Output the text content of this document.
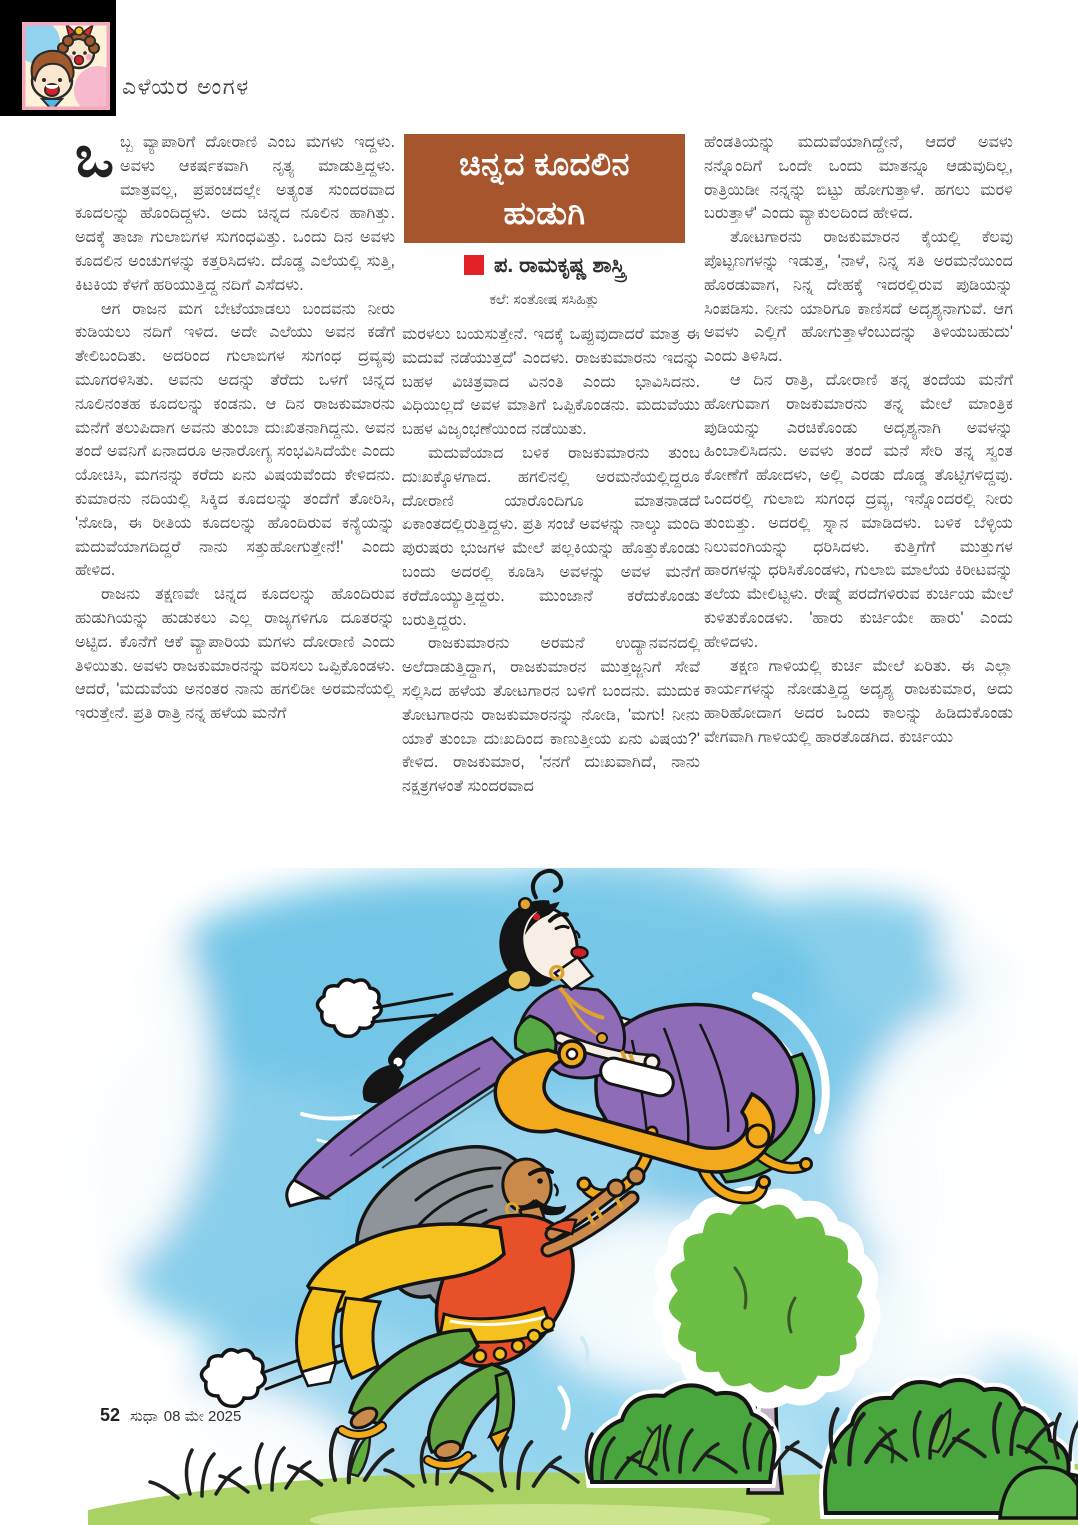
ಎಳೆಯರ ಅಂಗಳ

ಒಬ್ಬ ವ್ಯಾಪಾರಿಗೆ ದೋರಾಣಿ ಎಂಬ ಮಗಳು ಇದ್ದಳು. ಅವಳು ಆಕರ್ಷಕವಾಗಿ ನೃತ್ಯ ಮಾಡುತ್ತಿದ್ದಳು. ಮಾತ್ರವಲ್ಲ, ಪ್ರಪಂಚದಲ್ಲೇ ಅತ್ಯಂತ ಸುಂದರವಾದ ಕೂದಲನ್ನು ಹೊಂದಿದ್ದಳು. ಅದು ಚಿನ್ನದ ನೂಲಿನ ಹಾಗಿತ್ತು. ಅದಕ್ಕೆ ತಾಜಾ ಗುಲಾಬಿಗಳ ಸುಗಂಧವಿತ್ತು. ಒಂದು ದಿನ ಅವಳು ಕೂದಲಿನ ಅಂಚುಗಳನ್ನು ಕತ್ತರಿಸಿದಳು. ದೊಡ್ಡ ಎಲೆಯಲ್ಲಿ ಸುತ್ತಿ, ಕಿಟಕಿಯ ಕೆಳಗೆ ಹರಿಯುತ್ತಿದ್ದ ನದಿಗೆ ಎಸೆದಳು.

ಆಗ ರಾಜನ ಮಗ ಬೇಟೆಯಾಡಲು ಬಂದವನು ನೀರು ಕುಡಿಯಲು ನದಿಗೆ ಇಳಿದ. ಅದೇ ಎಲೆಯು ಅವನ ಕಡೆಗೆ ತೇಲಿಬಂದಿತು. ಅದರಿಂದ ಗುಲಾಬಿಗಳ ಸುಗಂಧ ದ್ರವ್ಯವು ಮೂಗರಳಿಸಿತು. ಅವನು ಅದನ್ನು ತೆರೆದು ಒಳಗೆ ಚಿನ್ನದ ನೂಲಿನಂತಹ ಕೂದಲನ್ನು ಕಂಡನು. ಆ ದಿನ ರಾಜಕುಮಾರನು ಮನೆಗೆ ತಲುಪಿದಾಗ ಅವನು ತುಂಬಾ ದುಃಖಿತನಾಗಿದ್ದನು. ಅವನ ತಂದೆ ಅವನಿಗೆ ಏನಾದರೂ ಅನಾರೋಗ್ಯ ಸಂಭವಿಸಿದೆಯೇ ಎಂದು ಯೋಚಿಸಿ, ಮಗನನ್ನು ಕರೆದು ಏನು ವಿಷಯವೆಂದು ಕೇಳಿದನು. ಕುಮಾರನು ನದಿಯಲ್ಲಿ ಸಿಕ್ಕಿದ ಕೂದಲನ್ನು ತಂದೆಗೆ ತೋರಿಸಿ, 'ನೋಡಿ, ಈ ರೀತಿಯ ಕೂದಲನ್ನು ಹೊಂದಿರುವ ಕನ್ಯೆಯನ್ನು ಮದುವೆಯಾಗದಿದ್ದರೆ ನಾನು ಸತ್ತುಹೋಗುತ್ತೇನೆ!' ಎಂದು ಹೇಳಿದ.

ರಾಜನು ತಕ್ಷಣವೇ ಚಿನ್ನದ ಕೂದಲನ್ನು ಹೊಂದಿರುವ ಹುಡುಗಿಯನ್ನು ಹುಡುಕಲು ಎಲ್ಲ ರಾಜ್ಯಗಳಿಗೂ ದೂತರನ್ನು ಅಟ್ಟಿದ. ಕೊನೆಗೆ ಆಕೆ ವ್ಯಾಪಾರಿಯ ಮಗಳು ದೋರಾಣಿ ಎಂದು ತಿಳಿಯಿತು. ಅವಳು ರಾಜಕುಮಾರನನ್ನು ವರಿಸಲು ಒಪ್ಪಿಕೊಂಡಳು. ಆದರೆ, 'ಮದುವೆಯ ಅನಂತರ ನಾನು ಹಗಲಿಡೀ ಅರಮನೆಯಲ್ಲಿ ಇರುತ್ತೇನೆ. ಪ್ರತಿ ರಾತ್ರಿ ನನ್ನ ಹಳೆಯ ಮನೆಗೆ

ಚಿನ್ನದ ಕೂದಲಿನ
ಹುಡುಗಿ
ಪ. ರಾಮಕೃಷ್ಣ ಶಾಸ್ತ್ರಿ
ಕಲೆ: ಸಂತೋಷ ಸಸಿಹಿತ್ಲು

ಮರಳಲು ಬಯಸುತ್ತೇನೆ. ಇದಕ್ಕೆ ಒಪ್ಪುವುದಾದರೆ ಮಾತ್ರ ಈ ಮದುವೆ ನಡೆಯುತ್ತದೆ' ಎಂದಳು. ರಾಜಕುಮಾರನು ಇದನ್ನು ಬಹಳ ವಿಚಿತ್ರವಾದ ವಿನಂತಿ ಎಂದು ಭಾವಿಸಿದನು. ವಿಧಿಯಿಲ್ಲದೆ ಅವಳ ಮಾತಿಗೆ ಒಪ್ಪಿಕೊಂಡನು. ಮದುವೆಯು ಬಹಳ ವಿಜೃಂಭಣೆಯಿಂದ ನಡೆಯಿತು.

ಮದುವೆಯಾದ ಬಳಿಕ ರಾಜಕುಮಾರನು ತುಂಬ ದುಃಖಕ್ಕೊಳಗಾದ. ಹಗಲಿನಲ್ಲಿ ಅರಮನೆಯಲ್ಲಿದ್ದರೂ ದೋರಾಣಿ ಯಾರೊಂದಿಗೂ ಮಾತನಾಡದೆ ಏಕಾಂತದಲ್ಲಿರುತ್ತಿದ್ದಳು. ಪ್ರತಿ ಸಂಜೆ ಅವಳನ್ನು ನಾಲ್ಕು ಮಂದಿ ಪುರುಷರು ಭುಜಗಳ ಮೇಲೆ ಪಲ್ಲಕಿಯನ್ನು ಹೊತ್ತುಕೊಂಡು ಬಂದು ಅದರಲ್ಲಿ ಕೂಡಿಸಿ ಅವಳನ್ನು ಅವಳ ಮನೆಗೆ ಕರೆದೊಯ್ಯುತ್ತಿದ್ದರು. ಮುಂಜಾನೆ ಕರೆದುಕೊಂಡು ಬರುತ್ತಿದ್ದರು.

ರಾಜಕುಮಾರನು ಅರಮನೆ ಉದ್ಯಾನವನದಲ್ಲಿ ಅಲೆದಾಡುತ್ತಿದ್ದಾಗ, ರಾಜಕುಮಾರನ ಮುತ್ತಜ್ಜನಿಗೆ ಸೇವೆ ಸಲ್ಲಿಸಿದ ಹಳೆಯ ತೋಟಗಾರನ ಬಳಿಗೆ ಬಂದನು. ಮುದುಕ ತೋಟಗಾರನು ರಾಜಕುಮಾರನನ್ನು ನೋಡಿ, 'ಮಗು! ನೀನು ಯಾಕೆ ತುಂಬಾ ದುಃಖದಿಂದ ಕಾಣುತ್ತೀಯ ಏನು ವಿಷಯ?' ಕೇಳಿದ. ರಾಜಕುಮಾರ, 'ನನಗೆ ದುಃಖವಾಗಿದೆ, ನಾನು ನಕ್ಷತ್ರಗಳಂತೆ ಸುಂದರವಾದ

ಹೆಂಡತಿಯನ್ನು ಮದುವೆಯಾಗಿದ್ದೇನೆ, ಆದರೆ ಅವಳು ನನ್ನೊಂದಿಗೆ ಒಂದೇ ಒಂದು ಮಾತನ್ನೂ ಆಡುವುದಿಲ್ಲ, ರಾತ್ರಿಯಿಡೀ ನನ್ನನ್ನು ಬಿಟ್ಟು ಹೋಗುತ್ತಾಳೆ. ಹಗಲು ಮರಳಿ ಬರುತ್ತಾಳೆ' ಎಂದು ವ್ಯಾಕುಲದಿಂದ ಹೇಳಿದ.

ತೋಟಗಾರನು ರಾಜಕುಮಾರನ ಕೈಯಲ್ಲಿ ಕೆಲವು ಪೊಟ್ಟಣಗಳನ್ನು ಇಡುತ್ತ, 'ನಾಳೆ, ನಿನ್ನ ಸತಿ ಅರಮನೆಯಿಂದ ಹೊರಡುವಾಗ, ನಿನ್ನ ದೇಹಕ್ಕೆ ಇದರಲ್ಲಿರುವ ಪುಡಿಯನ್ನು ಸಿಂಪಡಿಸು. ನೀನು ಯಾರಿಗೂ ಕಾಣಿಸದೆ ಅದೃಶ್ಯನಾಗುವೆ. ಆಗ ಅವಳು ಎಲ್ಲಿಗೆ ಹೋಗುತ್ತಾಳೆಂಬುದನ್ನು ತಿಳಿಯಬಹುದು' ಎಂದು ತಿಳಿಸಿದ.

ಆ ದಿನ ರಾತ್ರಿ, ದೋರಾಣಿ ತನ್ನ ತಂದೆಯ ಮನೆಗೆ ಹೋಗುವಾಗ ರಾಜಕುಮಾರನು ತನ್ನ ಮೇಲೆ ಮಾಂತ್ರಿಕ ಪುಡಿಯನ್ನು ಎರಚಿಕೊಂಡು ಅದೃಶ್ಯನಾಗಿ ಅವಳನ್ನು ಹಿಂಬಾಲಿಸಿದನು. ಅವಳು ತಂದೆ ಮನೆ ಸೇರಿ ತನ್ನ ಸ್ವಂತ ಕೋಣೆಗೆ ಹೋದಳು, ಅಲ್ಲಿ ಎರಡು ದೊಡ್ಡ ತೊಟ್ಟಿಗಳಿದ್ದವು. ಒಂದರಲ್ಲಿ ಗುಲಾಬಿ ಸುಗಂಧ ದ್ರವ್ಯ, ಇನ್ನೊಂದರಲ್ಲಿ ನೀರು ತುಂಬಿತ್ತು. ಅದರಲ್ಲಿ ಸ್ನಾನ ಮಾಡಿದಳು. ಬಳಿಕ ಬೆಳ್ಳಿಯ ನಿಲುವಂಗಿಯನ್ನು ಧರಿಸಿದಳು. ಕುತ್ತಿಗೆಗೆ ಮುತ್ತುಗಳ ಹಾರಗಳನ್ನು ಧರಿಸಿಕೊಂಡಳು, ಗುಲಾಬಿ ಮಾಲೆಯ ಕಿರೀಟವನ್ನು ತಲೆಯ ಮೇಲಿಟ್ಟಳು. ರೇಷ್ಮೆ ಪರದೆಗಳಿರುವ ಕುರ್ಚಿಯ ಮೇಲೆ ಕುಳಿತುಕೊಂಡಳು. 'ಹಾರು ಕುರ್ಚಿಯೇ ಹಾರು' ಎಂದು ಹೇಳಿದಳು.

ತಕ್ಷಣ ಗಾಳಿಯಲ್ಲಿ ಕುರ್ಚಿ ಮೇಲೆ ಏರಿತು. ಈ ಎಲ್ಲಾ ಕಾರ್ಯಗಳನ್ನು ನೋಡುತ್ತಿದ್ದ ಅದೃಶ್ಯ ರಾಜಕುಮಾರ, ಅದು ಹಾರಿಹೋದಾಗ ಅದರ ಒಂದು ಕಾಲನ್ನು ಹಿಡಿದುಕೊಂಡು ವೇಗವಾಗಿ ಗಾಳಿಯಲ್ಲಿ ಹಾರತೊಡಗಿದ. ಕುರ್ಚಿಯು

52 ಸುಧಾ 08 ಮೇ 2025
